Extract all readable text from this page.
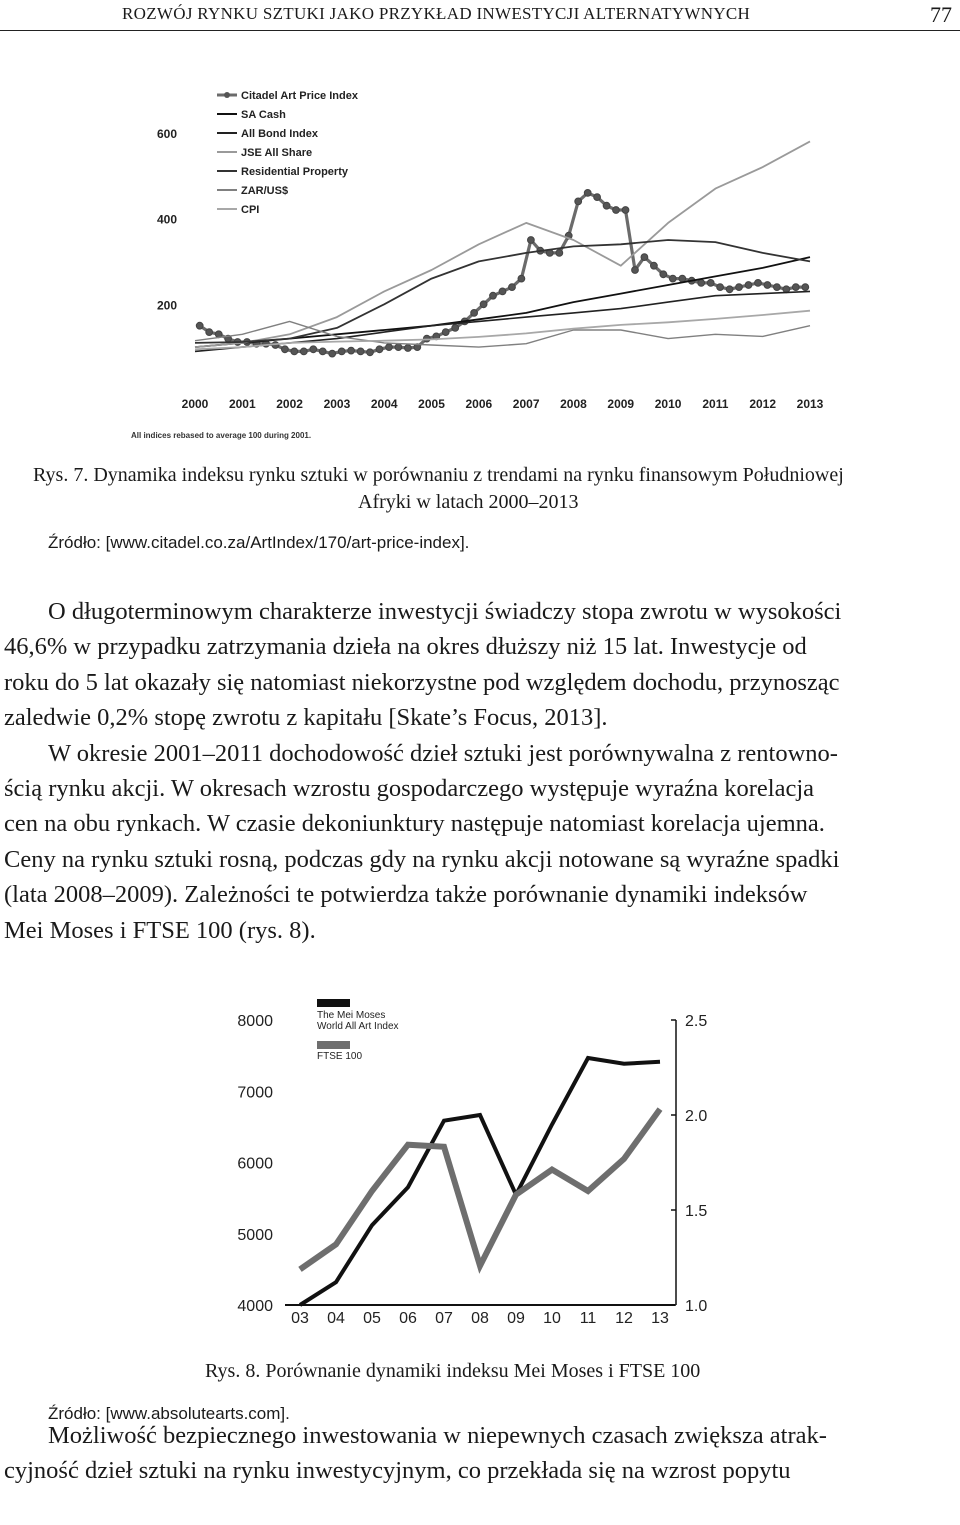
ROZWÓJ RYNKU SZTUKI JAKO PRZYKŁAD INWESTYCJI ALTERNATYWNYCH	77
200
400
600
2000 2001 2002 2003 2004 2005 2006 2007 2008 2009 2010 2011 2012 2013
All indices rebased to average 100 during 2001.
Citadel Art Price Index
SA Cash
All Bond Index
JSE All Share
Residential Property
ZAR/US$
CPI
Rys. 7. Dynamika indeksu rynku sztuki w porównaniu z trendami na rynku finansowym Południowej
Afryki w latach 2000–2013
Źródło: [www.citadel.co.za/ArtIndex/170/art-price-index].

O długoterminowym charakterze inwestycji świadczy stopa zwrotu w wysokości
46,6% w przypadku zatrzymania dzieła na okres dłuższy niż 15 lat. Inwestycje od
roku do 5 lat okazały się natomiast niekorzystne pod względem dochodu, przynosząc
zaledwie 0,2% stopę zwrotu z kapitału [Skate’s Focus, 2013].
W okresie 2001–2011 dochodowość dzieł sztuki jest porównywalna z rentowno-
ścią rynku akcji. W okresach wzrostu gospodarczego występuje wyraźna korelacja
cen na obu rynkach. W czasie dekoniunktury następuje natomiast korelacja ujemna.
Ceny na rynku sztuki rosną, podczas gdy na rynku akcji notowane są wyraźne spadki
(lata 2008–2009). Zależności te potwierdza także porównanie dynamiki indeksów
Mei Moses i FTSE 100 (rys. 8).

8000
7000
6000
5000
4000
2.5
2.0
1.5
1.0
03 04 05 06 07 08 09 10 11 12 13
The Mei Moses
World All Art Index
FTSE 100
Rys. 8. Porównanie dynamiki indeksu Mei Moses i FTSE 100
Źródło: [www.absolutearts.com].

Możliwość bezpiecznego inwestowania w niepewnych czasach zwiększa atrak-
cyjność dzieł sztuki na rynku inwestycyjnym, co przekłada się na wzrost popytu
